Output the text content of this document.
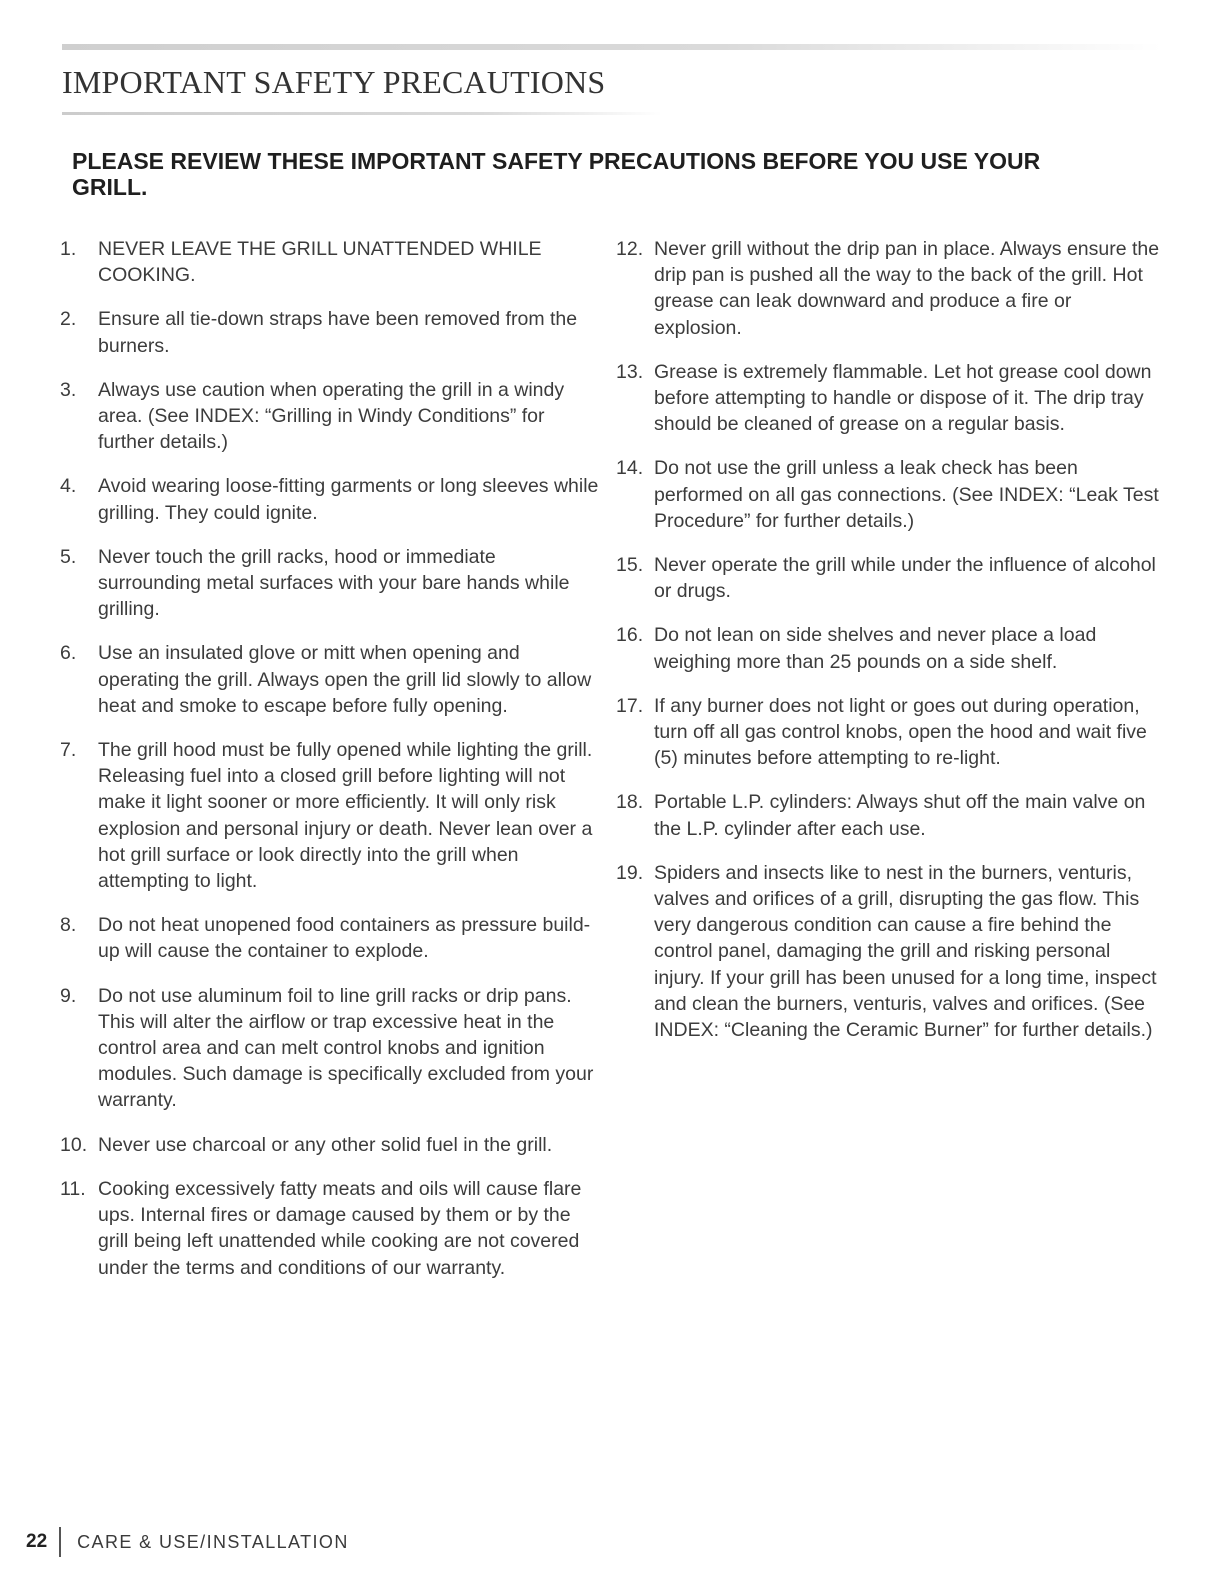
IMPORTANT SAFETY PRECAUTIONS
PLEASE REVIEW THESE IMPORTANT SAFETY PRECAUTIONS BEFORE YOU USE YOUR GRILL.
1.	NEVER LEAVE THE GRILL UNATTENDED WHILE COOKING.
2.	Ensure all tie-down straps have been removed from the burners.
3.	Always use caution when operating the grill in a windy area. (See INDEX: “Grilling in Windy Conditions” for further details.)
4.	Avoid wearing loose-fitting garments or long sleeves while grilling. They could ignite.
5.	Never touch the grill racks, hood or immediate surrounding metal surfaces with your bare hands while grilling.
6.	Use an insulated glove or mitt when opening and operating the grill. Always open the grill lid slowly to allow heat and smoke to escape before fully opening.
7.	The grill hood must be fully opened while lighting the grill. Releasing fuel into a closed grill before lighting will not make it light sooner or more efficiently. It will only risk explosion and personal injury or death. Never lean over a hot grill surface or look directly into the grill when attempting to light.
8.	Do not heat unopened food containers as pressure build-up will cause the container to explode.
9.	Do not use aluminum foil to line grill racks or drip pans. This will alter the airflow or trap excessive heat in the control area and can melt control knobs and ignition modules. Such damage is specifically excluded from your warranty.
10. Never use charcoal or any other solid fuel in the grill.
11. Cooking excessively fatty meats and oils will cause flare ups. Internal fires or damage caused by them or by the grill being left unattended while cooking are not covered under the terms and conditions of our warranty.
12. Never grill without the drip pan in place. Always ensure the drip pan is pushed all the way to the back of the grill. Hot grease can leak downward and produce a fire or explosion.
13. Grease is extremely flammable. Let hot grease cool down before attempting to handle or dispose of it. The drip tray should be cleaned of grease on a regular basis.
14. Do not use the grill unless a leak check has been performed on all gas connections. (See INDEX: “Leak Test Procedure” for further details.)
15. Never operate the grill while under the influence of alcohol or drugs.
16. Do not lean on side shelves and never place a load weighing more than 25 pounds on a side shelf.
17. If any burner does not light or goes out during operation, turn off all gas control knobs, open the hood and wait five (5) minutes before attempting to re-light.
18. Portable L.P. cylinders: Always shut off the main valve on the L.P. cylinder after each use.
19. Spiders and insects like to nest in the burners, venturis, valves and orifices of a grill, disrupting the gas flow. This very dangerous condition can cause a fire behind the control panel, damaging the grill and risking personal injury. If your grill has been unused for a long time, inspect and clean the burners, venturis, valves and orifices. (See INDEX: “Cleaning the Ceramic Burner” for further details.)
22 CARE & USE/INSTALLATION
